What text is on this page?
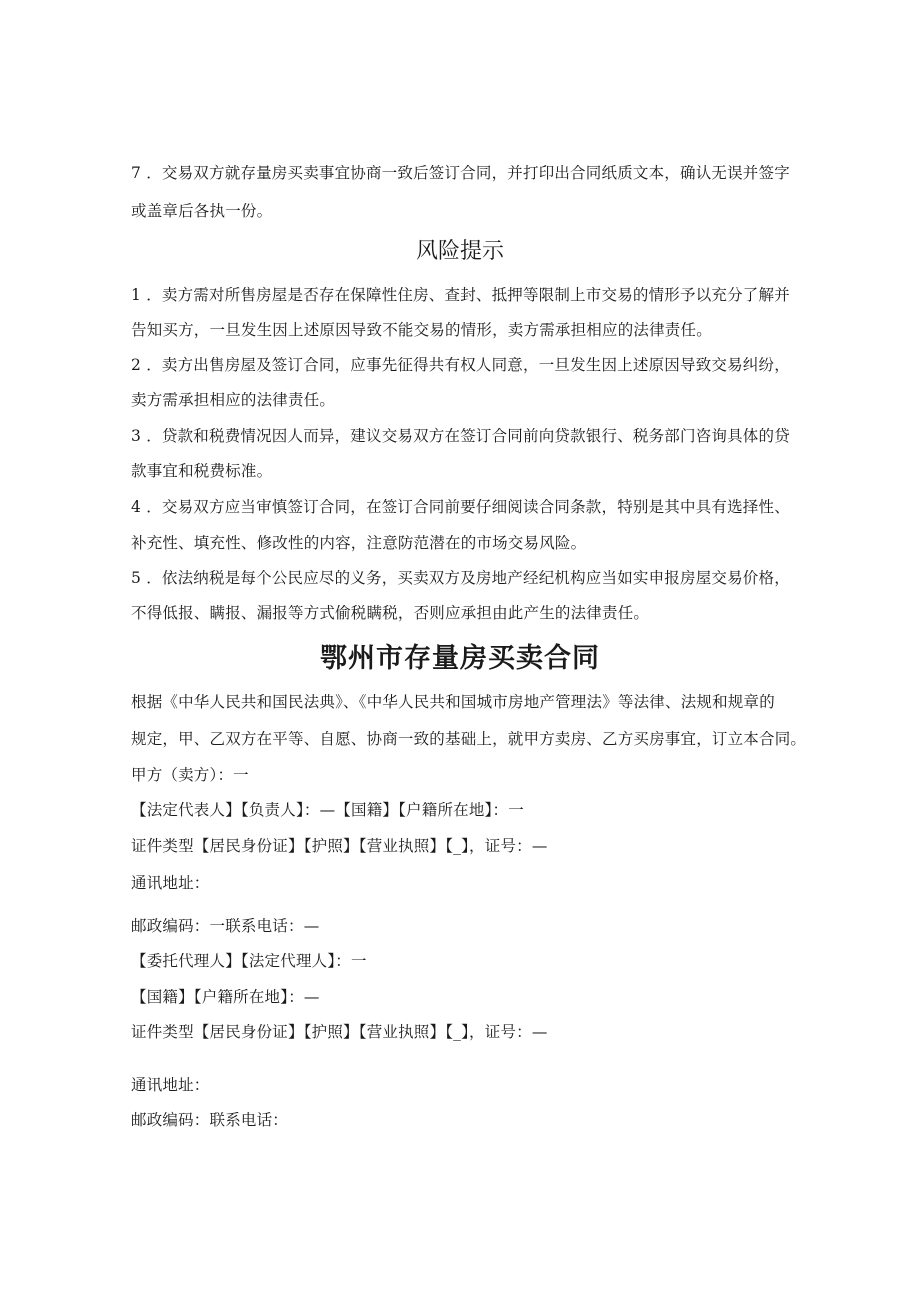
7 ．交易双方就存量房买卖事宜协商一致后签订合同，并打印出合同纸质文本，确认无误并签字
或盖章后各执一份。
风险提示
1 ．卖方需对所售房屋是否存在保障性住房、查封、抵押等限制上市交易的情形予以充分了解并
告知买方，一旦发生因上述原因导致不能交易的情形，卖方需承担相应的法律责任。
2 ．卖方出售房屋及签订合同，应事先征得共有权人同意，一旦发生因上述原因导致交易纠纷，
卖方需承担相应的法律责任。
3 ．贷款和税费情况因人而异，建议交易双方在签订合同前向贷款银行、税务部门咨询具体的贷
款事宜和税费标准。
4 ．交易双方应当审慎签订合同，在签订合同前要仔细阅读合同条款，特别是其中具有选择性、
补充性、填充性、修改性的内容，注意防范潜在的市场交易风险。
5 ．依法纳税是每个公民应尽的义务，买卖双方及房地产经纪机构应当如实申报房屋交易价格，
不得低报、瞒报、漏报等方式偷税瞒税，否则应承担由此产生的法律责任。
鄂州市存量房买卖合同
根据《中华人民共和国民法典》、《中华人民共和国城市房地产管理法》等法律、法规和规章的
规定，甲、乙双方在平等、自愿、协商一致的基础上，就甲方卖房、乙方买房事宜，订立本合同。
甲方（卖方）：一
【法定代表人】【负责人】：—【国籍】【户籍所在地】：一
证件类型【居民身份证】【护照】【营业执照】【_】，证号：—
通讯地址：
邮政编码：一联系电话：—
【委托代理人】【法定代理人】：一
【国籍】【户籍所在地】：—
证件类型【居民身份证】【护照】【营业执照】【_】，证号：—
通讯地址：
邮政编码：联系电话：
